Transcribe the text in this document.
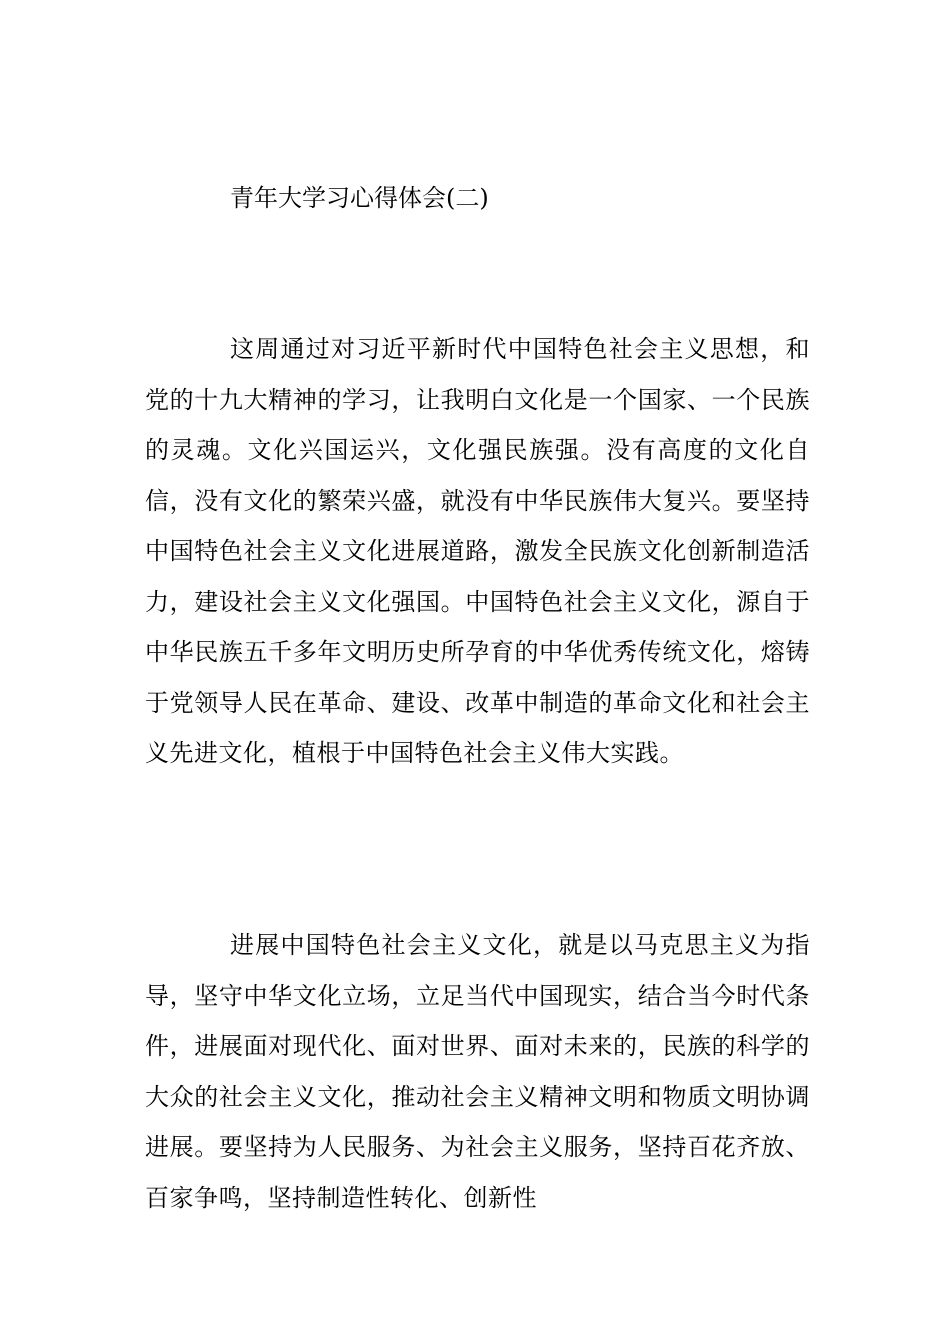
青年大学习心得体会(二)

这周通过对习近平新时代中国特色社会主义思想，和党的十九大精神的学习，让我明白文化是一个国家、一个民族的灵魂。文化兴国运兴，文化强民族强。没有高度的文化自信，没有文化的繁荣兴盛，就没有中华民族伟大复兴。要坚持中国特色社会主义文化进展道路，激发全民族文化创新制造活力，建设社会主义文化强国。中国特色社会主义文化，源自于中华民族五千多年文明历史所孕育的中华优秀传统文化，熔铸于党领导人民在革命、建设、改革中制造的革命文化和社会主义先进文化，植根于中国特色社会主义伟大实践。

进展中国特色社会主义文化，就是以马克思主义为指导，坚守中华文化立场，立足当代中国现实，结合当今时代条件，进展面对现代化、面对世界、面对未来的，民族的科学的大众的社会主义文化，推动社会主义精神文明和物质文明协调进展。要坚持为人民服务、为社会主义服务，坚持百花齐放、百家争鸣，坚持制造性转化、创新性
